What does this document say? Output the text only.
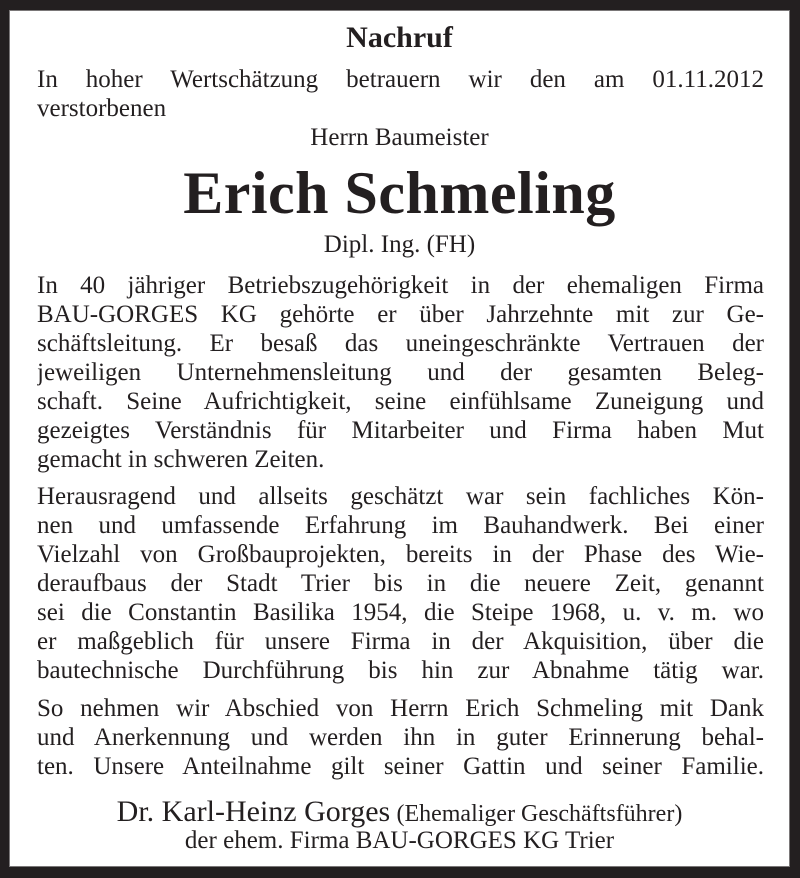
Nachruf
In hoher Wertschätzung betrauern wir den am 01.11.2012
verstorbenen
Herrn Baumeister
Erich Schmeling
Dipl. Ing. (FH)
In 40 jähriger Betriebszugehörigkeit in der ehemaligen Firma
BAU-GORGES KG gehörte er über Jahrzehnte mit zur Ge-
schäftsleitung. Er besaß das uneingeschränkte Vertrauen der
jeweiligen Unternehmensleitung und der gesamten Beleg-
schaft. Seine Aufrichtigkeit, seine einfühlsame Zuneigung und
gezeigtes Verständnis für Mitarbeiter und Firma haben Mut
gemacht in schweren Zeiten.
Herausragend und allseits geschätzt war sein fachliches Kön-
nen und umfassende Erfahrung im Bauhandwerk. Bei einer
Vielzahl von Großbauprojekten, bereits in der Phase des Wie-
deraufbaus der Stadt Trier bis in die neuere Zeit, genannt
sei die Constantin Basilika 1954, die Steipe 1968, u. v. m. wo
er maßgeblich für unsere Firma in der Akquisition, über die
bautechnische Durchführung bis hin zur Abnahme tätig war.
So nehmen wir Abschied von Herrn Erich Schmeling mit Dank
und Anerkennung und werden ihn in guter Erinnerung behal-
ten. Unsere Anteilnahme gilt seiner Gattin und seiner Familie.
Dr. Karl-Heinz Gorges (Ehemaliger Geschäftsführer)
der ehem. Firma BAU-GORGES KG Trier
